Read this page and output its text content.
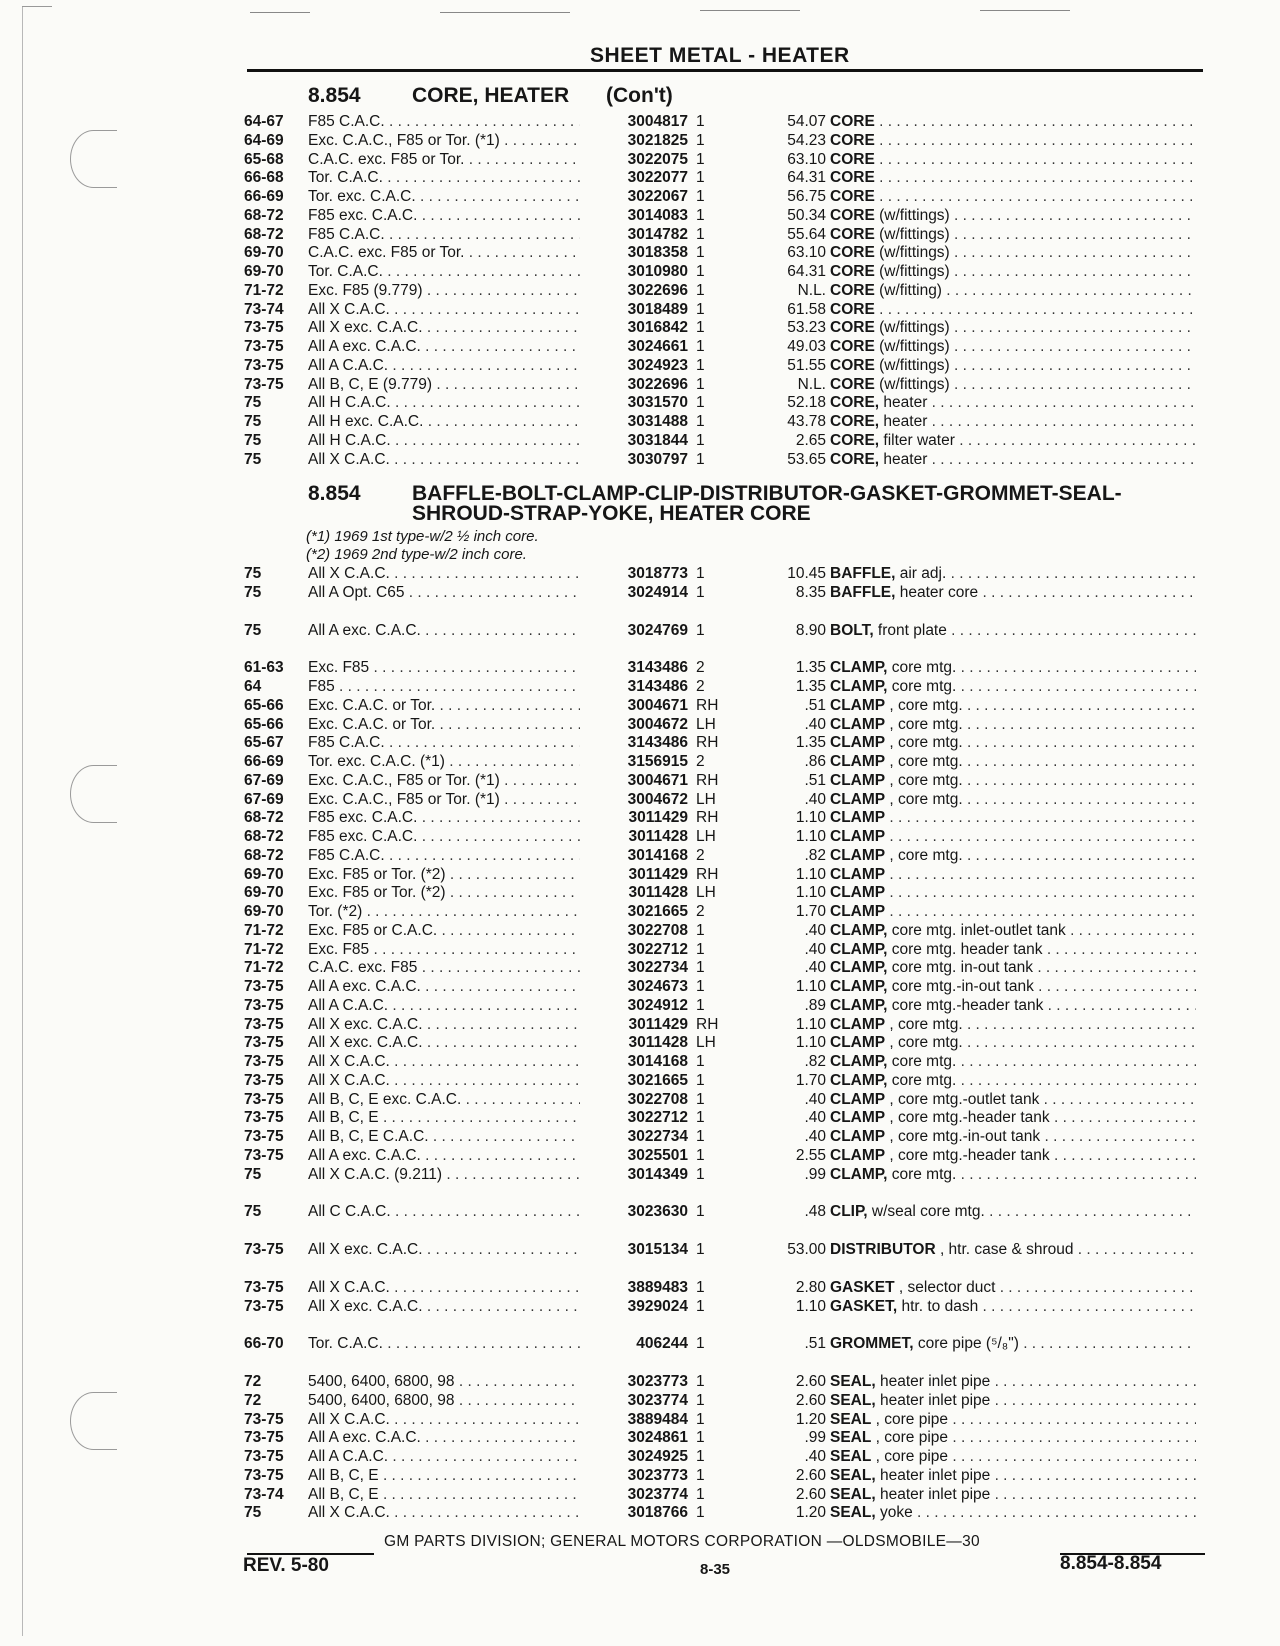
SHEET METAL - HEATER
8.854 CORE, HEATER (Con't)
64-67	F85 C.A.C. . . .	3004817 1	54.07 CORE . . .
64-69	Exc. C.A.C., F85 or Tor. (*1) . . .	3021825 1	54.23 CORE . . .
65-68	C.A.C. exc. F85 or Tor. . . .	3022075 1	63.10 CORE . . .
66-68	Tor. C.A.C. . . .	3022077 1	64.31 CORE . . .
66-69	Tor. exc. C.A.C. . . .	3022067 1	56.75 CORE . . .
68-72	F85 exc. C.A.C. . . .	3014083 1	50.34 CORE (w/fittings) . . .
68-72	F85 C.A.C. . . .	3014782 1	55.64 CORE (w/fittings) . . .
69-70	C.A.C. exc. F85 or Tor. . . .	3018358 1	63.10 CORE (w/fittings) . . .
69-70	Tor. C.A.C. . . .	3010980 1	64.31 CORE (w/fittings) . . .
71-72	Exc. F85 (9.779) . . .	3022696 1	N.L. CORE (w/fitting) . . .
73-74	All X C.A.C. . . .	3018489 1	61.58 CORE . . .
73-75	All X exc. C.A.C. . . .	3016842 1	53.23 CORE (w/fittings) . . .
73-75	All A exc. C.A.C. . . .	3024661 1	49.03 CORE (w/fittings) . . .
73-75	All A C.A.C. . . .	3024923 1	51.55 CORE (w/fittings) . . .
73-75	All B, C, E (9.779) . . .	3022696 1	N.L. CORE (w/fittings) . . .
75	All H C.A.C. . . .	3031570 1	52.18 CORE, heater . . .
75	All H exc. C.A.C. . . .	3031488 1	43.78 CORE, heater . . .
75	All H C.A.C. . . .	3031844 1	2.65 CORE, filter water . . .
75	All X C.A.C. . . .	3030797 1	53.65 CORE, heater . . .
8.854 BAFFLE-BOLT-CLAMP-CLIP-DISTRIBUTOR-GASKET-GROMMET-SEAL-
SHROUD-STRAP-YOKE, HEATER CORE
(*1) 1969 1st type-w/2 ½ inch core.
(*2) 1969 2nd type-w/2 inch core.
75	All X C.A.C. . . .	3018773 1	10.45 BAFFLE, air adj. . . .
75	All A Opt. C65 . . .	3024914 1	8.35 BAFFLE, heater core . . .
75	All A exc. C.A.C. . . .	3024769 1	8.90 BOLT, front plate . . .
61-63	Exc. F85 . . .	3143486 2	1.35 CLAMP, core mtg. . . .
64	F85 . . .	3143486 2	1.35 CLAMP, core mtg. . . .
65-66	Exc. C.A.C. or Tor. . . .	3004671 RH	.51 CLAMP , core mtg. . . .
65-66	Exc. C.A.C. or Tor. . . .	3004672 LH	.40 CLAMP , core mtg. . . .
65-67	F85 C.A.C. . . .	3143486 RH	1.35 CLAMP , core mtg. . . .
66-69	Tor. exc. C.A.C. (*1) . . .	3156915 2	.86 CLAMP , core mtg. . . .
67-69	Exc. C.A.C., F85 or Tor. (*1) . . .	3004671 RH	.51 CLAMP , core mtg. . . .
67-69	Exc. C.A.C., F85 or Tor. (*1) . . .	3004672 LH	.40 CLAMP , core mtg. . . .
68-72	F85 exc. C.A.C. . . .	3011429 RH	1.10 CLAMP . . .
68-72	F85 exc. C.A.C. . . .	3011428 LH	1.10 CLAMP . . .
68-72	F85 C.A.C. . . .	3014168 2	.82 CLAMP , core mtg. . . .
69-70	Exc. F85 or Tor. (*2) . . .	3011429 RH	1.10 CLAMP . . .
69-70	Exc. F85 or Tor. (*2) . . .	3011428 LH	1.10 CLAMP . . .
69-70	Tor. (*2) . . .	3021665 2	1.70 CLAMP . . .
71-72	Exc. F85 or C.A.C. . . .	3022708 1	.40 CLAMP, core mtg. inlet-outlet tank . . .
71-72	Exc. F85 . . .	3022712 1	.40 CLAMP, core mtg. header tank . . .
71-72	C.A.C. exc. F85 . . .	3022734 1	.40 CLAMP, core mtg. in-out tank . . .
73-75	All A exc. C.A.C. . . .	3024673 1	1.10 CLAMP, core mtg.-in-out tank . . .
73-75	All A C.A.C. . . .	3024912 1	.89 CLAMP, core mtg.-header tank . . .
73-75	All X exc. C.A.C. . . .	3011429 RH	1.10 CLAMP , core mtg. . . .
73-75	All X exc. C.A.C. . . .	3011428 LH	1.10 CLAMP , core mtg. . . .
73-75	All X C.A.C. . . .	3014168 1	.82 CLAMP, core mtg. . . .
73-75	All X C.A.C. . . .	3021665 1	1.70 CLAMP, core mtg. . . .
73-75	All B, C, E exc. C.A.C. . . .	3022708 1	.40 CLAMP , core mtg.-outlet tank . . .
73-75	All B, C, E . . .	3022712 1	.40 CLAMP , core mtg.-header tank . . .
73-75	All B, C, E C.A.C. . . .	3022734 1	.40 CLAMP , core mtg.-in-out tank . . .
73-75	All A exc. C.A.C. . . .	3025501 1	2.55 CLAMP , core mtg.-header tank . . .
75	All X C.A.C. (9.211) . . .	3014349 1	.99 CLAMP, core mtg. . . .
75	All C C.A.C. . . .	3023630 1	.48 CLIP, w/seal core mtg. . . .
73-75	All X exc. C.A.C. . . .	3015134 1	53.00 DISTRIBUTOR , htr. case & shroud . . .
73-75	All X C.A.C. . . .	3889483 1	2.80 GASKET , selector duct . . .
73-75	All X exc. C.A.C. . . .	3929024 1	1.10 GASKET, htr. to dash . . .
66-70	Tor. C.A.C. . . .	406244 1	.51 GROMMET, core pipe (⁵/₈") . . .
72	5400, 6400, 6800, 98 . . .	3023773 1	2.60 SEAL, heater inlet pipe . . .
72	5400, 6400, 6800, 98 . . .	3023774 1	2.60 SEAL, heater inlet pipe . . .
73-75	All X C.A.C. . . .	3889484 1	1.20 SEAL , core pipe . . .
73-75	All A exc. C.A.C. . . .	3024861 1	.99 SEAL , core pipe . . .
73-75	All A C.A.C. . . .	3024925 1	.40 SEAL , core pipe . . .
73-75	All B, C, E . . .	3023773 1	2.60 SEAL, heater inlet pipe . . .
73-74	All B, C, E . . .	3023774 1	2.60 SEAL, heater inlet pipe . . .
75	All X C.A.C. . . .	3018766 1	1.20 SEAL, yoke . . .
GM PARTS DIVISION; GENERAL MOTORS CORPORATION —OLDSMOBILE—30
REV. 5-80	8-35	8.854-8.854
